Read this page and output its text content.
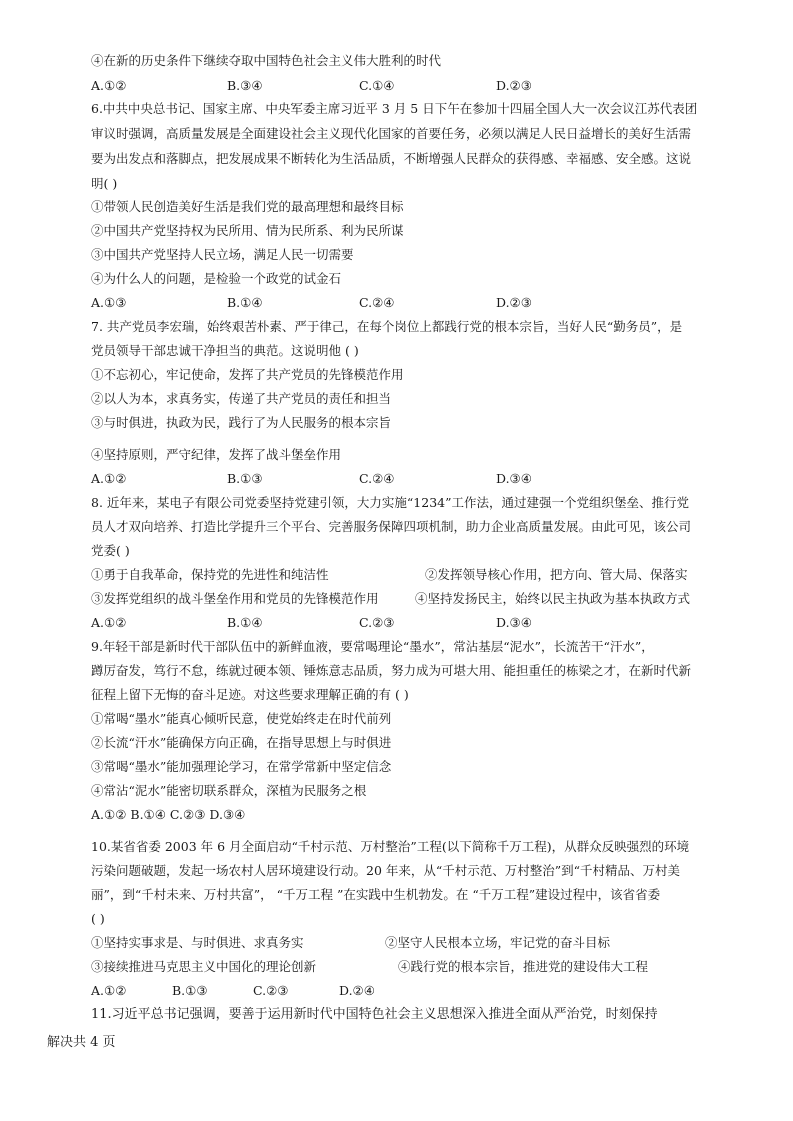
④在新的历史条件下继续夺取中国特色社会主义伟大胜利的时代
A.①②	B.③④	C.①④	D.②③
6.中共中央总书记、国家主席、中央军委主席习近平 3 月 5 日下午在参加十四届全国人大一次会议江苏代表团
审议时强调，高质量发展是全面建设社会主义现代化国家的首要任务，必须以满足人民日益增长的美好生活需
要为出发点和落脚点，把发展成果不断转化为生活品质，不断增强人民群众的获得感、幸福感、安全感。这说
明( )
①带领人民创造美好生活是我们党的最高理想和最终目标
②中国共产党坚持权为民所用、情为民所系、利为民所谋
③中国共产党坚持人民立场，满足人民一切需要
④为什么人的问题，是检验一个政党的试金石
A.①③	B.①④	C.②④	D.②③
7. 共产党员李宏瑞，始终艰苦朴素、严于律己，在每个岗位上都践行党的根本宗旨，当好人民“勤务员”，是
党员领导干部忠诚干净担当的典范。这说明他 ( )
①不忘初心，牢记使命，发挥了共产党员的先锋模范作用
②以人为本，求真务实，传递了共产党员的责任和担当
③与时俱进，执政为民，践行了为人民服务的根本宗旨
④坚持原则，严守纪律，发挥了战斗堡垒作用
A.①②	B.①③	C.②④	D.③④
8. 近年来，某电子有限公司党委坚持党建引领，大力实施“1234”工作法，通过建强一个党组织堡垒、推行党
员人才双向培养、打造比学提升三个平台、完善服务保障四项机制，助力企业高质量发展。由此可见，该公司
党委( )
①勇于自我革命，保持党的先进性和纯洁性	②发挥领导核心作用，把方向、管大局、保落实
③发挥党组织的战斗堡垒作用和党员的先锋模范作用	④坚持发扬民主，始终以民主执政为基本执政方式
A.①②	B.①④	C.②③	D.③④
9.年轻干部是新时代干部队伍中的新鲜血液，要常喝理论“墨水”，常沾基层“泥水”，长流苦干“汗水”，
蹲厉奋发，笃行不怠，练就过硬本领、锤炼意志品质，努力成为可堪大用、能担重任的栋梁之才，在新时代新
征程上留下无悔的奋斗足迹。对这些要求理解正确的有 ( )
①常喝“墨水”能真心倾听民意，使党始终走在时代前列
②长流“汗水”能确保方向正确，在指导思想上与时俱进
③常喝“墨水”能加强理论学习，在常学常新中坚定信念
④常沾“泥水”能密切联系群众，深植为民服务之根
A.①② B.①④ C.②③ D.③④
10.某省省委 2003 年 6 月全面启动“千村示范、万村整治”工程(以下简称千万工程)，从群众反映强烈的环境
污染问题破题，发起一场农村人居环境建设行动。20 年来，从“千村示范、万村整治”到“千村精品、万村美
丽”，到“千村未来、万村共富”， “千万工程 ”在实践中生机勃发。在 “千万工程”建设过程中，该省省委
( )
①坚持实事求是、与时俱进、求真务实	②坚守人民根本立场，牢记党的奋斗目标
③接续推进马克思主义中国化的理论创新	④践行党的根本宗旨，推进党的建设伟大工程
A.①②	B.①③	C.②③	D.②④
11.习近平总书记强调，要善于运用新时代中国特色社会主义思想深入推进全面从严治党，时刻保持
解决共 4 页
